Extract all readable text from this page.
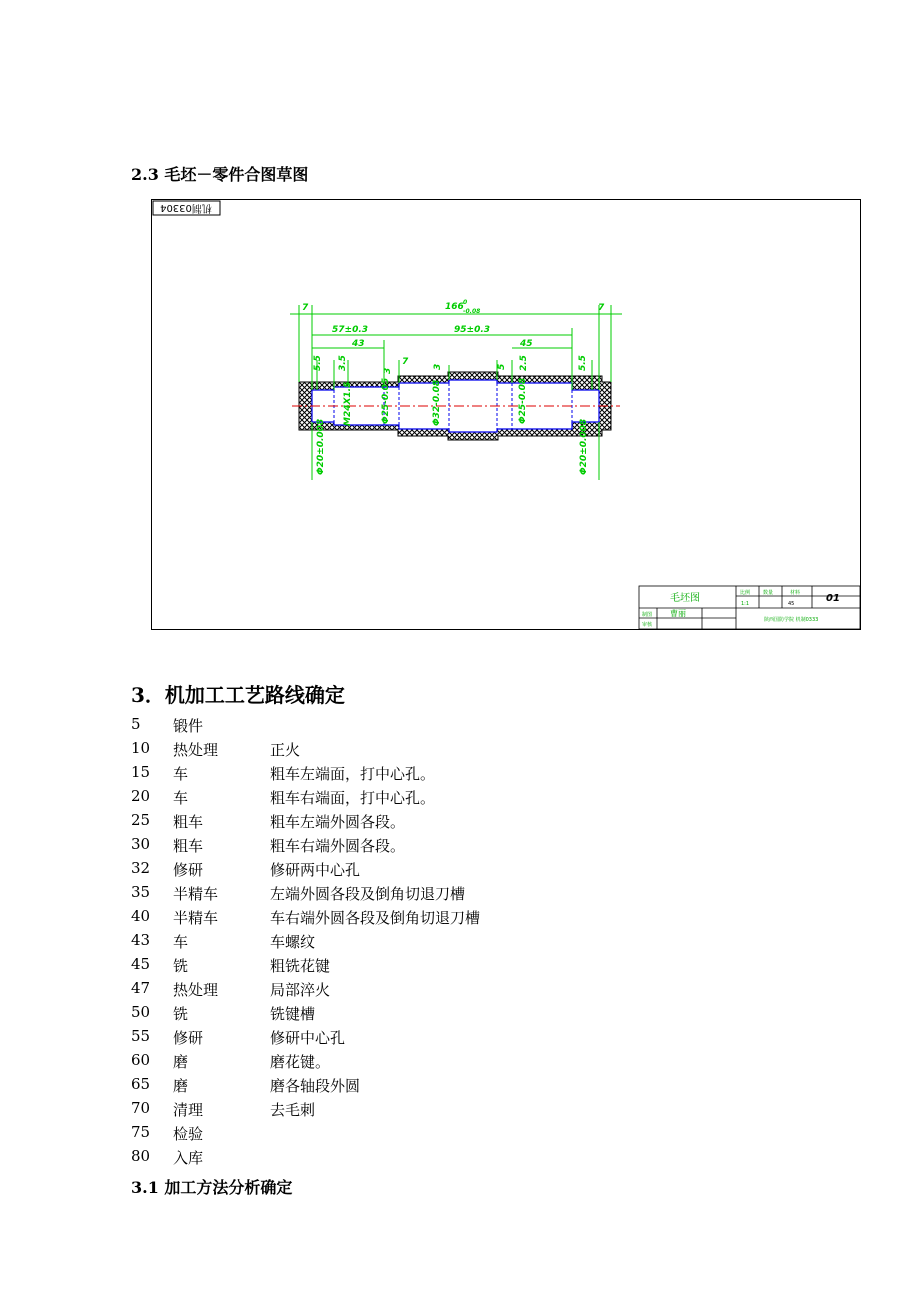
2.3 毛坯－零件合图草图
机制03304
166 0
-0.08
7	7
57±0.3	95±0.3
43	45
5.5 3.5	7
3
3	5 2.5	5.5
Φ20±0.008	Φ20±0.008
M24X1.5	Φ25-0.05	Φ32-0.08	Φ25-0.08
毛坯图	比例	数量	材料
1:1	45	01
制图 曹丽
审核
陕西国防学院 机制0333
3．机加工工艺路线确定
5 锻件
10 热处理	正火
15 车	粗车左端面，打中心孔。
20 车	粗车右端面，打中心孔。
25 粗车	粗车左端外圆各段。
30 粗车	粗车右端外圆各段。
32 修研	修研两中心孔
35 半精车	左端外圆各段及倒角切退刀槽
40 半精车	车右端外圆各段及倒角切退刀槽
43 车	车螺纹
45 铣	粗铣花键
47 热处理	局部淬火
50 铣	铣键槽
55 修研	修研中心孔
60 磨	磨花键。
65 磨	磨各轴段外圆
70 清理	去毛刺
75 检验
80 入库
3.1 加工方法分析确定
